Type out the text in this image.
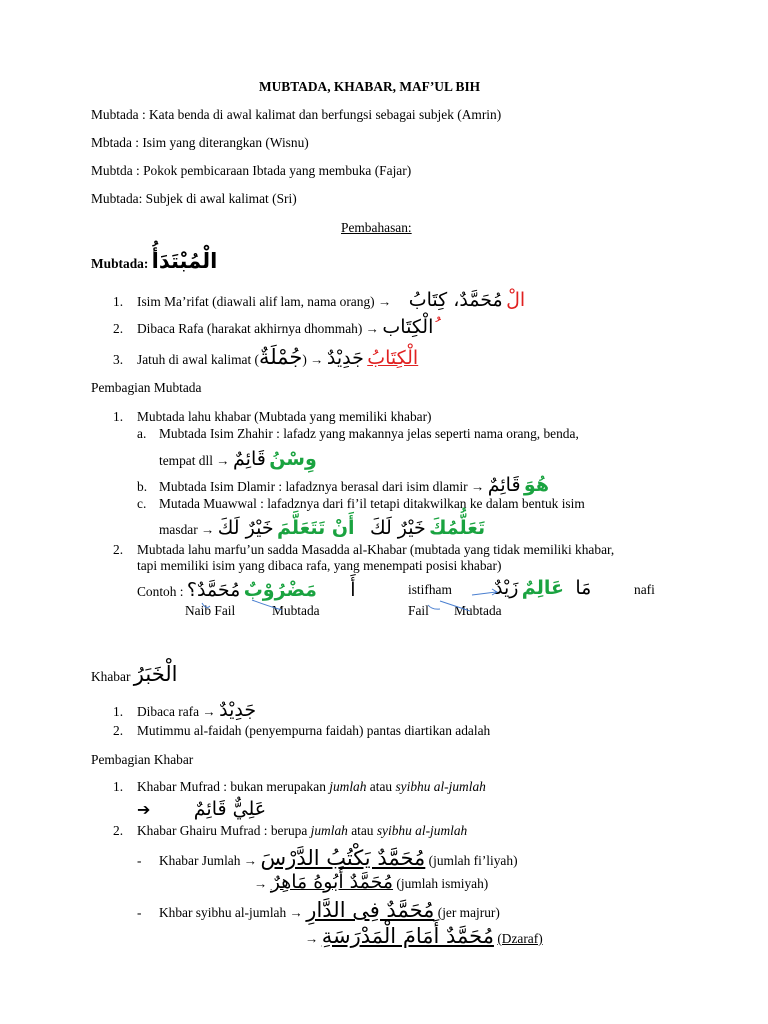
MUBTADA, KHABAR, MAF’UL BIH
Mubtada : Kata benda di awal kalimat dan berfungsi sebagai subjek (Amrin)
Mbtada : Isim yang diterangkan (Wisnu)
Mubtda : Pokok pembicaraan Ibtada yang membuka (Fajar)
Mubtada: Subjek di awal kalimat (Sri)
Pembahasan:
Mubtada: الْمُبْتَدَأُ
1. Isim Ma’rifat (diawali alif lam, nama orang) → مُحَمَّدٌ، كِتَابُ الْ
2. Dibaca Rafa (harakat akhirnya dhommah) → الْكِتَاب
3. Jatuh di awal kalimat (جُمْلَةٌ) → جَدِيْدٌ الْكِتَابُ
Pembagian Mubtada
1. Mubtada lahu khabar (Mubtada yang memiliki khabar)
a. Mubtada Isim Zhahir : lafadz yang makannya jelas seperti nama orang, benda,
tempat dll → قَائِمٌ وِسْنُ
b. Mubtada Isim Dlamir : lafadznya berasal dari isim dlamir → قَائِمٌ هُوَ
c. Mutada Muawwal : lafadznya dari fi’il tetapi ditakwilkan ke dalam bentuk isim
masdar → خَيْرٌ لَكَ أَنْ تَتَعَلَّمَ خَيْرٌ لَكَ تَعَلُّمُكَ
2. Mubtada lahu marfu’un sadda Masadda al-Khabar (mubtada yang tidak memiliki khabar,
tapi memiliki isim yang dibaca rafa, yang menempati posisi khabar)
Contoh : مُحَمَّدٌ؟ مَضْرُوْبٌ أَ	istifham زَيْدٌ عَالِمٌ مَا	nafi
Naib Fail	Mubtada	Fail Mubtada
Khabar الْخَبَرُ
1. Dibaca rafa → جَدِيْدٌ
2. Mutimmu al-faidah (penyempurna faidah) pantas diartikan adalah
Pembagian Khabar
1. Khabar Mufrad : bukan merupakan jumlah atau syibhu al-jumlah
➔ عَلِيٌّ قَائِمٌ
2. Khabar Ghairu Mufrad : berupa jumlah atau syibhu al-jumlah
- Khabar Jumlah → مُحَمَّدٌ يَكْتُبُ الدَّرْسَ (jumlah fi’liyah)
→ مُحَمَّدٌ أَبُوهُ مَاهِرٌ (jumlah ismiyah)
- Khbar syibhu al-jumlah → مُحَمَّدٌ فِى الدَّارِ (jer majrur)
→ مُحَمَّدٌ أَمَامَ الْمَدْرَسَةِ (Dzaraf)
